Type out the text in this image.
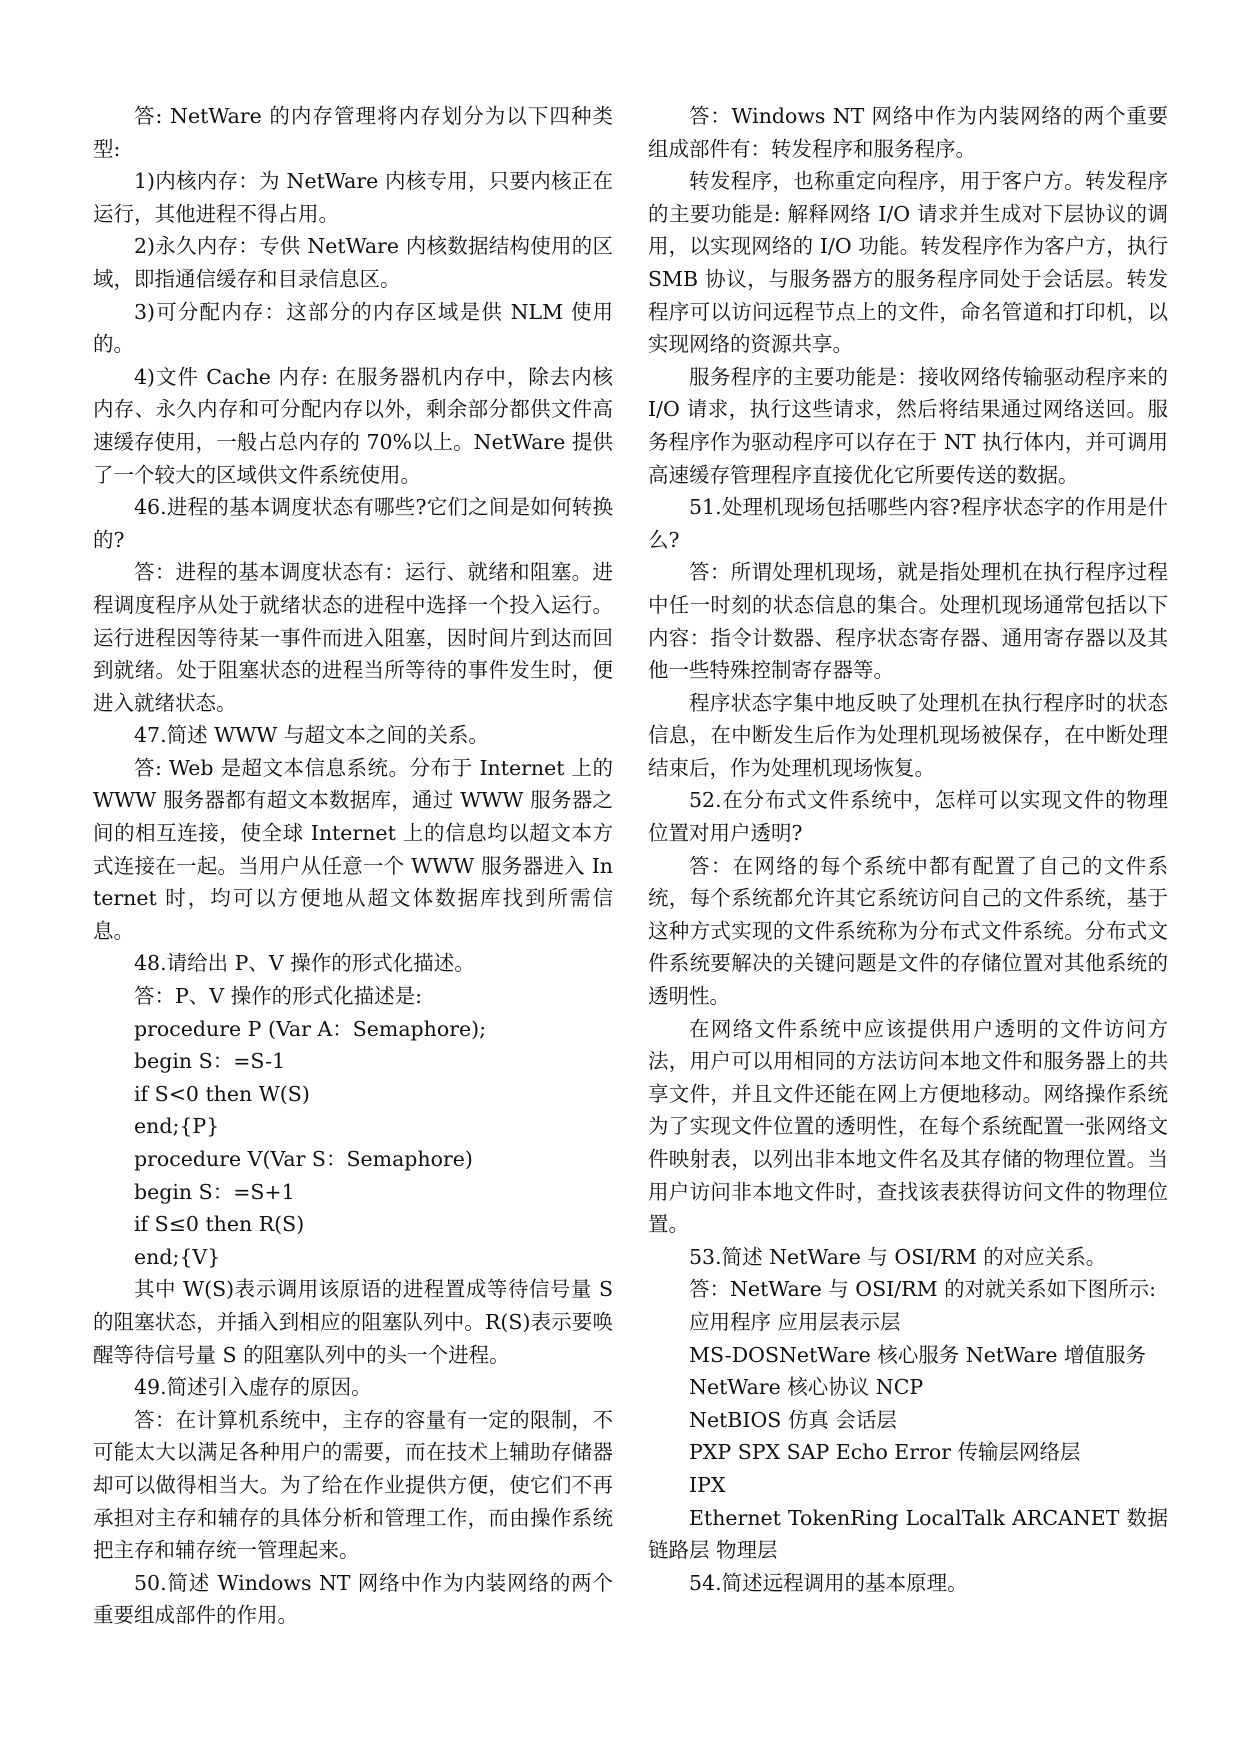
答: NetWare 的内存管理将内存划分为以下四种类型:

1)内核内存：为 NetWare 内核专用，只要内核正在运行，其他进程不得占用。

2)永久内存：专供 NetWare 内核数据结构使用的区域，即指通信缓存和目录信息区。

3)可分配内存：这部分的内存区域是供 NLM 使用的。

4)文件 Cache 内存: 在服务器机内存中，除去内核内存、永久内存和可分配内存以外，剩余部分都供文件高速缓存使用，一般占总内存的 70%以上。NetWare 提供了一个较大的区域供文件系统使用。

46.进程的基本调度状态有哪些?它们之间是如何转换的?

答：进程的基本调度状态有：运行、就绪和阻塞。进程调度程序从处于就绪状态的进程中选择一个投入运行。运行进程因等待某一事件而进入阻塞，因时间片到达而回到就绪。处于阻塞状态的进程当所等待的事件发生时，便进入就绪状态。

47.简述 WWW 与超文本之间的关系。

答: Web 是超文本信息系统。分布于 Internet 上的 WWW 服务器都有超文本数据库，通过 WWW 服务器之间的相互连接，使全球 Internet 上的信息均以超文本方式连接在一起。当用户从任意一个 WWW 服务器进入 Internet 时，均可以方便地从超文体数据库找到所需信息。

48.请给出 P、V 操作的形式化描述。

答：P、V 操作的形式化描述是:

procedure P (Var A：Semaphore);

begin S：=S-1

if S<0 then W(S)

end;{P}

procedure V(Var S：Semaphore)

begin S：=S+1

if S≤0 then R(S)

end;{V}

其中 W(S)表示调用该原语的进程置成等待信号量 S 的阻塞状态，并插入到相应的阻塞队列中。R(S)表示要唤醒等待信号量 S 的阻塞队列中的头一个进程。

49.简述引入虚存的原因。

答：在计算机系统中，主存的容量有一定的限制，不可能太大以满足各种用户的需要，而在技术上辅助存储器却可以做得相当大。为了给在作业提供方便，使它们不再承担对主存和辅存的具体分析和管理工作，而由操作系统把主存和辅存统一管理起来。

50.简述 Windows NT 网络中作为内装网络的两个重要组成部件的作用。

答：Windows NT 网络中作为内装网络的两个重要组成部件有：转发程序和服务程序。

转发程序，也称重定向程序，用于客户方。转发程序的主要功能是: 解释网络 I/O 请求并生成对下层协议的调用，以实现网络的 I/O 功能。转发程序作为客户方，执行 SMB 协议，与服务器方的服务程序同处于会话层。转发程序可以访问远程节点上的文件，命名管道和打印机，以实现网络的资源共享。

服务程序的主要功能是：接收网络传输驱动程序来的 I/O 请求，执行这些请求，然后将结果通过网络送回。服务程序作为驱动程序可以存在于 NT 执行体内，并可调用高速缓存管理程序直接优化它所要传送的数据。

51.处理机现场包括哪些内容?程序状态字的作用是什么?

答：所谓处理机现场，就是指处理机在执行程序过程中任一时刻的状态信息的集合。处理机现场通常包括以下内容：指令计数器、程序状态寄存器、通用寄存器以及其他一些特殊控制寄存器等。

程序状态字集中地反映了处理机在执行程序时的状态信息，在中断发生后作为处理机现场被保存，在中断处理结束后，作为处理机现场恢复。

52.在分布式文件系统中，怎样可以实现文件的物理位置对用户透明?

答：在网络的每个系统中都有配置了自己的文件系统，每个系统都允许其它系统访问自己的文件系统，基于这种方式实现的文件系统称为分布式文件系统。分布式文件系统要解决的关键问题是文件的存储位置对其他系统的透明性。

在网络文件系统中应该提供用户透明的文件访问方法，用户可以用相同的方法访问本地文件和服务器上的共享文件，并且文件还能在网上方便地移动。网络操作系统为了实现文件位置的透明性，在每个系统配置一张网络文件映射表，以列出非本地文件名及其存储的物理位置。当用户访问非本地文件时，查找该表获得访问文件的物理位置。

53.简述 NetWare 与 OSI/RM 的对应关系。

答：NetWare 与 OSI/RM 的对就关系如下图所示:

应用程序 应用层表示层

MS-DOSNetWare 核心服务 NetWare 增值服务

NetWare 核心协议 NCP

NetBIOS 仿真 会话层

PXP SPX SAP Echo Error 传输层网络层

IPX

Ethernet TokenRing LocalTalk ARCANET 数据链路层 物理层

54.简述远程调用的基本原理。
